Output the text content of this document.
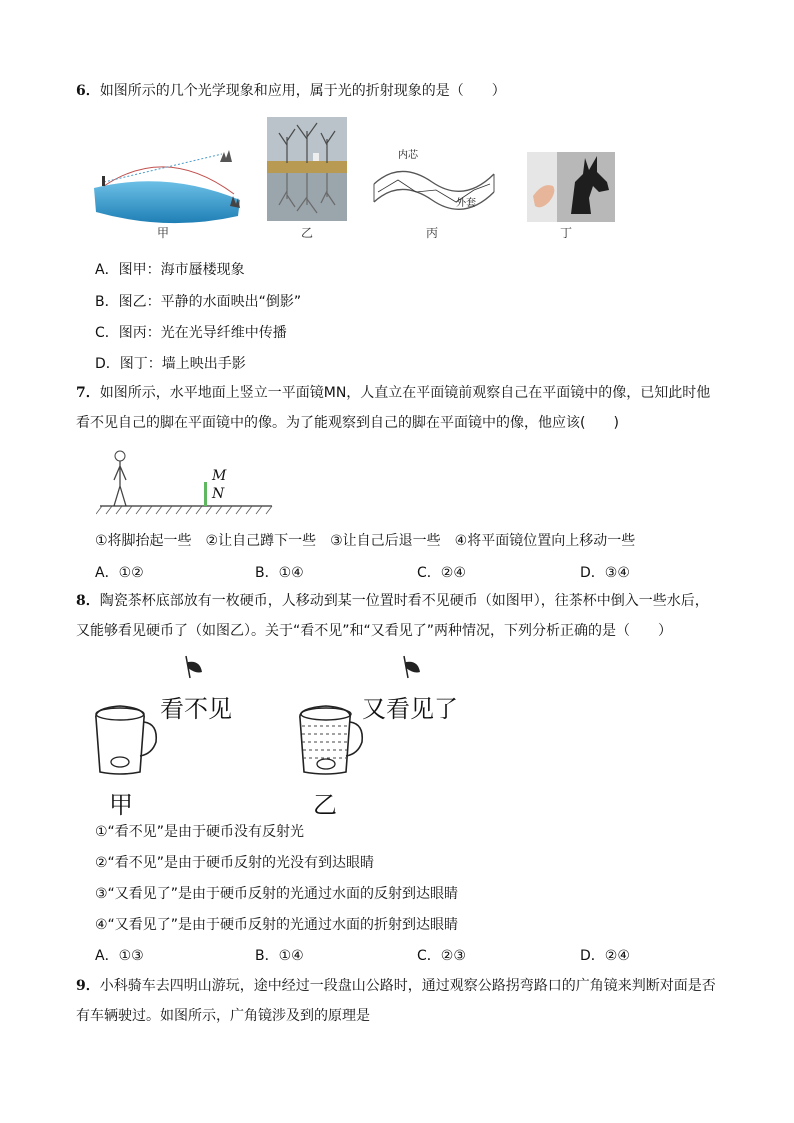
6．如图所示的几个光学现象和应用，属于光的折射现象的是（　　）
甲	乙
内芯
外套
丙	丁
A．图甲：海市蜃楼现象
B．图乙：平静的水面映出“倒影”
C．图丙：光在光导纤维中传播
D．图丁：墙上映出手影
7．如图所示，水平地面上竖立一平面镜MN，人直立在平面镜前观察自己在平面镜中的像，已知此时他
看不见自己的脚在平面镜中的像。为了能观察到自己的脚在平面镜中的像，他应该(　　)
M
N
①将脚抬起一些　②让自己蹲下一些　③让自己后退一些　④将平面镜位置向上移动一些
A．①②	B．①④	C．②④	D．③④
8．陶瓷茶杯底部放有一枚硬币，人移动到某一位置时看不见硬币（如图甲），往茶杯中倒入一些水后，
又能够看见硬币了（如图乙）。关于“看不见”和“又看见了”两种情况，下列分析正确的是（　　）
看不见
甲
又看见了
乙
①“看不见”是由于硬币没有反射光
②“看不见”是由于硬币反射的光没有到达眼睛
③“又看见了”是由于硬币反射的光通过水面的反射到达眼睛
④“又看见了”是由于硬币反射的光通过水面的折射到达眼睛
A．①③	B．①④	C．②③	D．②④
9．小科骑车去四明山游玩，途中经过一段盘山公路时，通过观察公路拐弯路口的广角镜来判断对面是否
有车辆驶过。如图所示，广角镜涉及到的原理是
